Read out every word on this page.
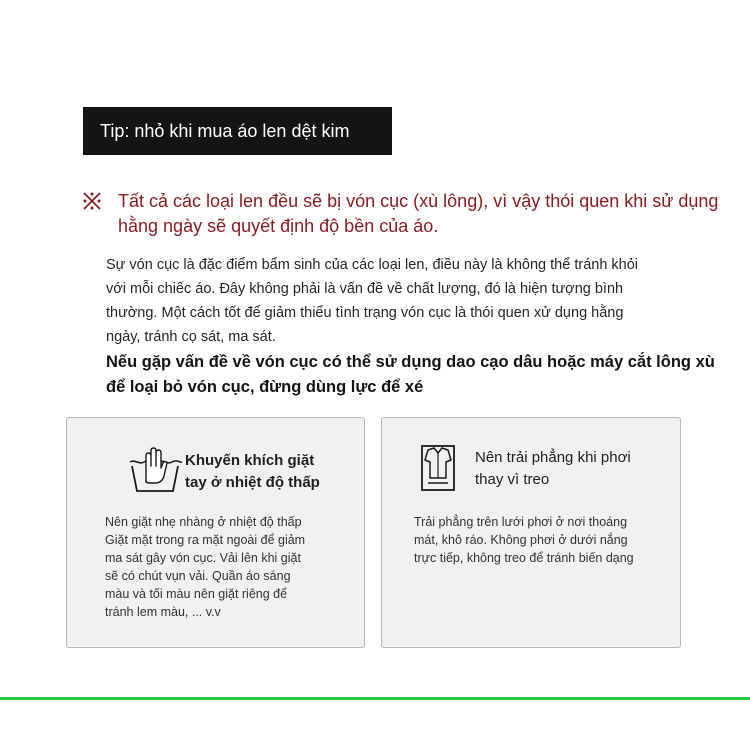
Tip: nhỏ khi mua áo len dệt kim
Tất cả các loại len đều sẽ bị vón cục (xù lông), vì vậy thói quen khi sử dụng hằng ngày sẽ quyết định độ bền của áo.
Sự vón cục là đặc điểm bẩm sinh của các loại len, điều này là không thể tránh khỏi với mỗi chiếc áo. Đây không phải là vấn đề về chất lượng, đó là hiện tượng bình thường. Một cách tốt để giảm thiểu tình trạng vón cục là thói quen xử dụng hằng ngày, tránh cọ sát, ma sát.
Nếu gặp vấn đề về vón cục có thể sử dụng dao cạo dâu hoặc máy cắt lông xù để loại bỏ vón cục, đừng dùng lực để xé
Khuyến khích giặt
tay ở nhiệt độ thấp
Nên giặt nhẹ nhàng ở nhiệt độ thấp
Giặt mặt trong ra mặt ngoài để giảm
ma sát gây vón cục. Vải lên khi giặt
sẽ có chút vụn vải. Quần áo sáng
màu và tối màu nên giặt riêng để
tránh lem màu, ... v.v
Nên trải phẳng khi phơi
thay vì treo
Trải phẳng trên lưới phơi ở nơi thoáng
mát, khô ráo. Không phơi ở dưới nắng
trực tiếp, không treo để tránh biến dạng
